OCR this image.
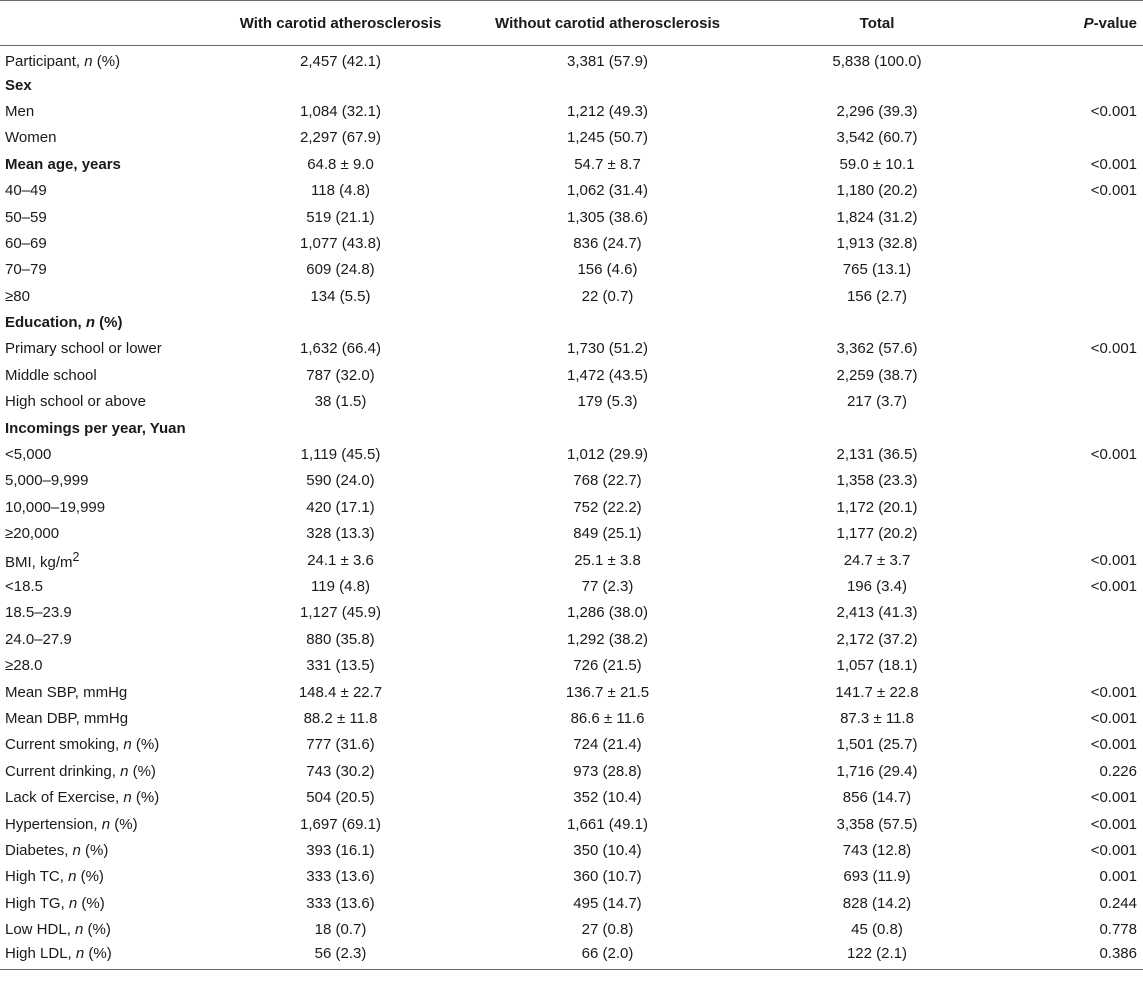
	With carotid atherosclerosis	Without carotid atherosclerosis	Total	P-value
Participant, n (%)	2,457 (42.1)	3,381 (57.9)	5,838 (100.0)	
Sex				
Men	1,084 (32.1)	1,212 (49.3)	2,296 (39.3)	<0.001
Women	2,297 (67.9)	1,245 (50.7)	3,542 (60.7)	
Mean age, years	64.8 ± 9.0	54.7 ± 8.7	59.0 ± 10.1	<0.001
40–49	118 (4.8)	1,062 (31.4)	1,180 (20.2)	<0.001
50–59	519 (21.1)	1,305 (38.6)	1,824 (31.2)	
60–69	1,077 (43.8)	836 (24.7)	1,913 (32.8)	
70–79	609 (24.8)	156 (4.6)	765 (13.1)	
≥80	134 (5.5)	22 (0.7)	156 (2.7)	
Education, n (%)				
Primary school or lower	1,632 (66.4)	1,730 (51.2)	3,362 (57.6)	<0.001
Middle school	787 (32.0)	1,472 (43.5)	2,259 (38.7)	
High school or above	38 (1.5)	179 (5.3)	217 (3.7)	
Incomings per year, Yuan				
<5,000	1,119 (45.5)	1,012 (29.9)	2,131 (36.5)	<0.001
5,000–9,999	590 (24.0)	768 (22.7)	1,358 (23.3)	
10,000–19,999	420 (17.1)	752 (22.2)	1,172 (20.1)	
≥20,000	328 (13.3)	849 (25.1)	1,177 (20.2)	
BMI, $kg/m^2$	24.1 ± 3.6	25.1 ± 3.8	24.7 ± 3.7	<0.001
<18.5	119 (4.8)	77 (2.3)	196 (3.4)	<0.001
18.5–23.9	1,127 (45.9)	1,286 (38.0)	2,413 (41.3)	
24.0–27.9	880 (35.8)	1,292 (38.2)	2,172 (37.2)	
≥28.0	331 (13.5)	726 (21.5)	1,057 (18.1)	
Mean SBP, mmHg	148.4 ± 22.7	136.7 ± 21.5	141.7 ± 22.8	<0.001
Mean DBP, mmHg	88.2 ± 11.8	86.6 ± 11.6	87.3 ± 11.8	<0.001
Current smoking, n (%)	777 (31.6)	724 (21.4)	1,501 (25.7)	<0.001
Current drinking, n (%)	743 (30.2)	973 (28.8)	1,716 (29.4)	0.226
Lack of Exercise, n (%)	504 (20.5)	352 (10.4)	856 (14.7)	<0.001
Hypertension, n (%)	1,697 (69.1)	1,661 (49.1)	3,358 (57.5)	<0.001
Diabetes, n (%)	393 (16.1)	350 (10.4)	743 (12.8)	<0.001
High TC, n (%)	333 (13.6)	360 (10.7)	693 (11.9)	0.001
High TG, n (%)	333 (13.6)	495 (14.7)	828 (14.2)	0.244
Low HDL, n (%)	18 (0.7)	27 (0.8)	45 (0.8)	0.778
High LDL, n (%)	56 (2.3)	66 (2.0)	122 (2.1)	0.386
